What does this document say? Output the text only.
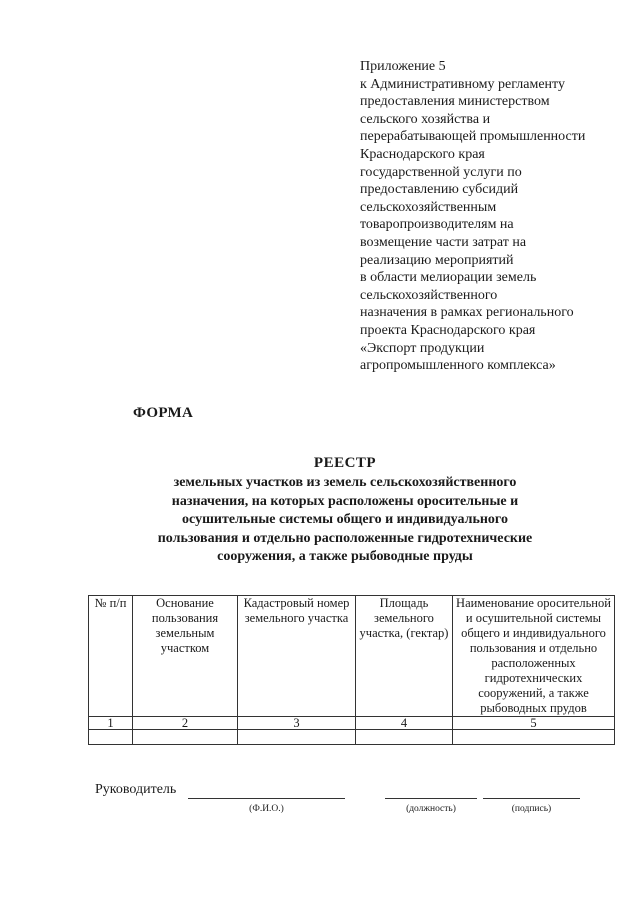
Приложение 5
к Административному регламенту
предоставления министерством
сельского хозяйства и
перерабатывающей промышленности
Краснодарского края
государственной услуги по
предоставлению субсидий
сельскохозяйственным
товаропроизводителям на
возмещение части затрат на
реализацию мероприятий
в области мелиорации земель
сельскохозяйственного
назначения в рамках регионального
проекта Краснодарского края
«Экспорт продукции
агропромышленного комплекса»
ФОРМА
РЕЕСТР
земельных участков из земель сельскохозяйственного
назначения, на которых расположены оросительные и
осушительные системы общего и индивидуального
пользования и отдельно расположенные гидротехнические
сооружения, а также рыбоводные пруды
№ п/п	Основание пользования земельным участком	Кадастровый номер земельного участка	Площадь земельного участка, (гектар)	Наименование оросительной и осушительной системы общего и индивидуального пользования и отдельно расположенных гидротехнических сооружений, а также рыбоводных прудов
1	2	3	4	5

Руководитель
(Ф.И.О.)	(должность)	(подпись)
